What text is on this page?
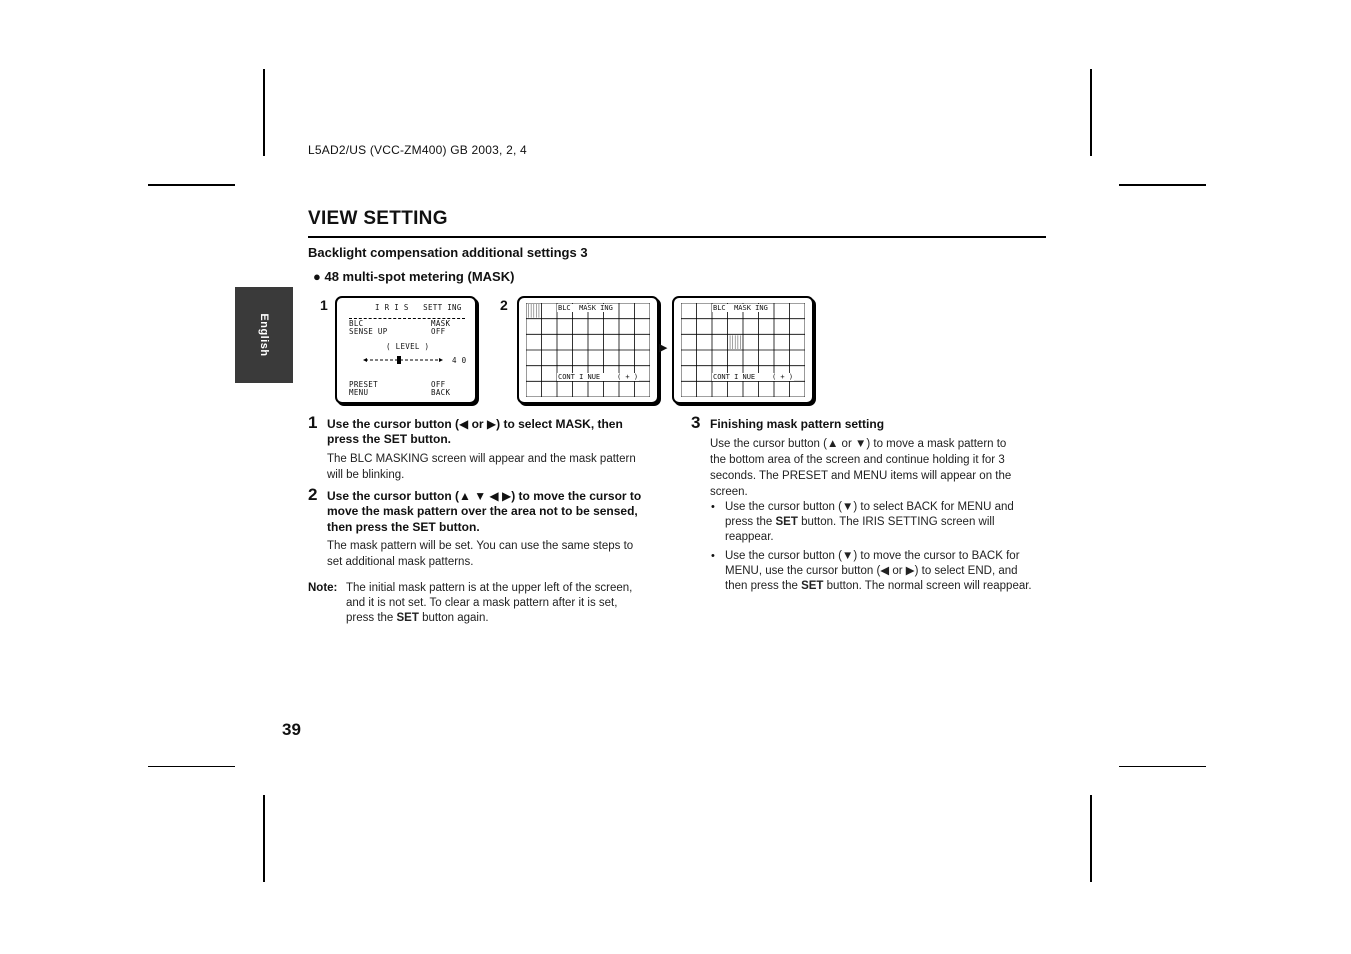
L5AD2/US (VCC-ZM400) GB 2003, 2, 4
VIEW SETTING
Backlight compensation additional settings 3
● 48 multi-spot metering (MASK)
English
1	I R I S   SETT ING
BLC	MASK
SENSE UP	OFF
( LEVEL )
4 0
PRESET	OFF
MENU	BACK
2	BLC  MASK ING
CONT I NUE    ( + )
▶
BLC  MASK ING
CONT I NUE    ( + )
1 Use the cursor button (◀ or ▶) to select MASK, then
press the SET button.
The BLC MASKING screen will appear and the mask pattern
will be blinking.
2 Use the cursor button (▲ ▼ ◀ ▶) to move the cursor to
move the mask pattern over the area not to be sensed,
then press the SET button.
The mask pattern will be set. You can use the same steps to
set additional mask patterns.
Note: The initial mask pattern is at the upper left of the screen,
and it is not set. To clear a mask pattern after it is set,
press the SET button again.
3 Finishing mask pattern setting
Use the cursor button (▲ or ▼) to move a mask pattern to
the bottom area of the screen and continue holding it for 3
seconds. The PRESET and MENU items will appear on the
screen.
• Use the cursor button (▼) to select BACK for MENU and
press the SET button. The IRIS SETTING screen will
reappear.
• Use the cursor button (▼) to move the cursor to BACK for
MENU, use the cursor button (◀ or ▶) to select END, and
then press the SET button. The normal screen will reappear.
39
